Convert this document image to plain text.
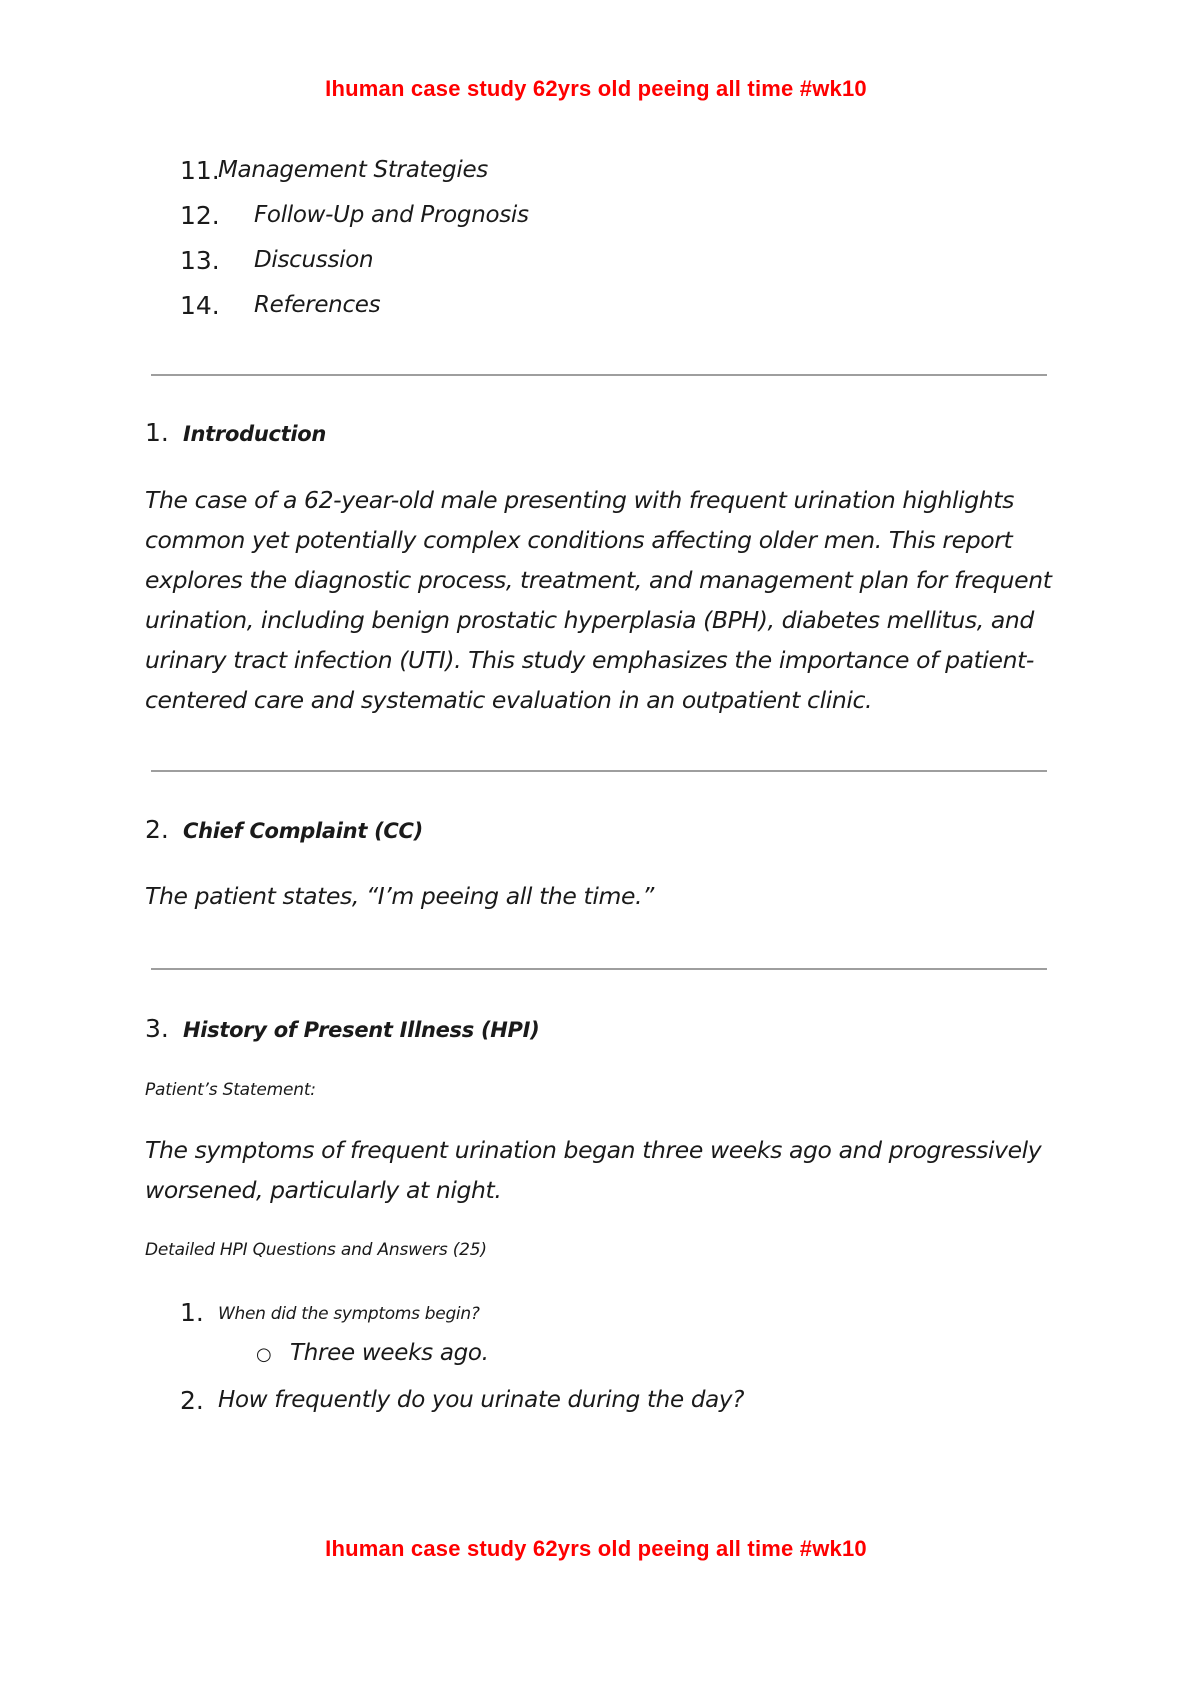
Ihuman case study 62yrs old peeing all time #wk10
11.
Management Strategies
12. Follow-Up and Prognosis
13. Discussion
14. References
1. Introduction

The case of a 62-year-old male presenting with frequent urination highlights common yet potentially complex conditions affecting older men. This report explores the diagnostic process, treatment, and management plan for frequent urination, including benign prostatic hyperplasia (BPH), diabetes mellitus, and urinary tract infection (UTI). This study emphasizes the importance of patient-centered care and systematic evaluation in an outpatient clinic.

2. Chief Complaint (CC)

The patient states, “I’m peeing all the time.”

3. History of Present Illness (HPI)
Patient’s Statement:

The symptoms of frequent urination began three weeks ago and progressively worsened, particularly at night.

Detailed HPI Questions and Answers (25)
1. When did the symptoms begin?
○ Three weeks ago.
2. How frequently do you urinate during the day?
Ihuman case study 62yrs old peeing all time #wk10
